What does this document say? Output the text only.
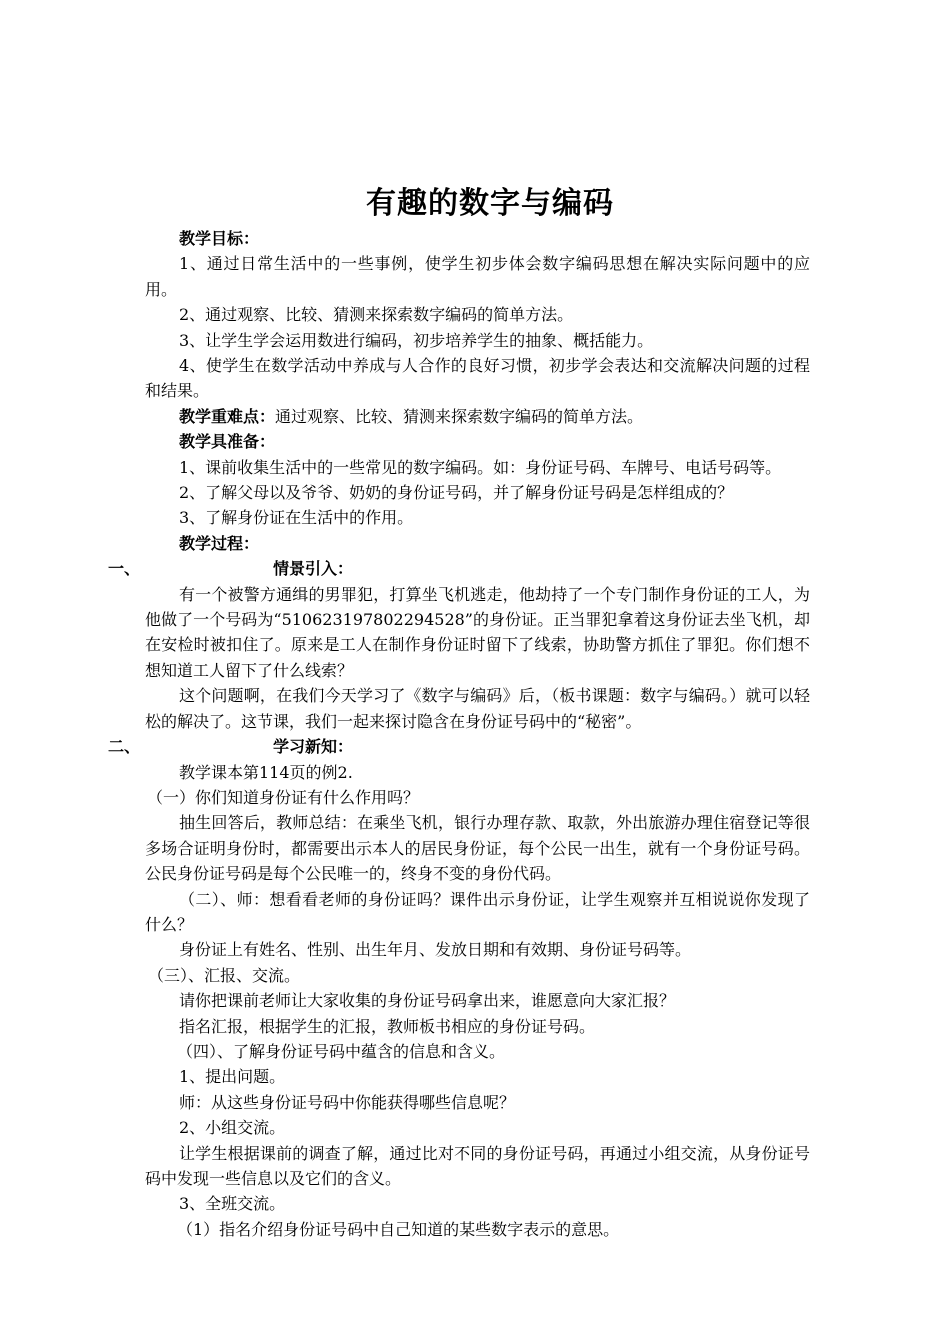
有趣的数字与编码

教学目标：

1、通过日常生活中的一些事例，使学生初步体会数字编码思想在解决实际问题中的应用。

2、通过观察、比较、猜测来探索数字编码的简单方法。

3、让学生学会运用数进行编码，初步培养学生的抽象、概括能力。

4、使学生在数学活动中养成与人合作的良好习惯，初步学会表达和交流解决问题的过程和结果。

教学重难点：通过观察、比较、猜测来探索数字编码的简单方法。

教学具准备：

1、课前收集生活中的一些常见的数字编码。如：身份证号码、车牌号、电话号码等。

2、了解父母以及爷爷、奶奶的身份证号码，并了解身份证号码是怎样组成的？

3、了解身份证在生活中的作用。

教学过程：

一、	情景引入：

有一个被警方通缉的男罪犯，打算坐飞机逃走，他劫持了一个专门制作身份证的工人，为他做了一个号码为“510623197802294528”的身份证。正当罪犯拿着这身份证去坐飞机，却在安检时被扣住了。原来是工人在制作身份证时留下了线索，协助警方抓住了罪犯。你们想不想知道工人留下了什么线索？

这个问题啊，在我们今天学习了《数字与编码》后，（板书课题：数字与编码。）就可以轻松的解决了。这节课，我们一起来探讨隐含在身份证号码中的“秘密”。

二、	学习新知：

教学课本第114页的例2.

（一）你们知道身份证有什么作用吗？

抽生回答后，教师总结：在乘坐飞机，银行办理存款、取款，外出旅游办理住宿登记等很多场合证明身份时，都需要出示本人的居民身份证，每个公民一出生，就有一个身份证号码。公民身份证号码是每个公民唯一的，终身不变的身份代码。

（二）、师：想看看老师的身份证吗？课件出示身份证，让学生观察并互相说说你发现了什么？

身份证上有姓名、性别、出生年月、发放日期和有效期、身份证号码等。

（三）、汇报、交流。

请你把课前老师让大家收集的身份证号码拿出来，谁愿意向大家汇报？

指名汇报，根据学生的汇报，教师板书相应的身份证号码。

（四）、了解身份证号码中蕴含的信息和含义。

1、提出问题。

师：从这些身份证号码中你能获得哪些信息呢？

2、小组交流。

让学生根据课前的调查了解，通过比对不同的身份证号码，再通过小组交流，从身份证号码中发现一些信息以及它们的含义。

3、全班交流。

（1）指名介绍身份证号码中自己知道的某些数字表示的意思。
